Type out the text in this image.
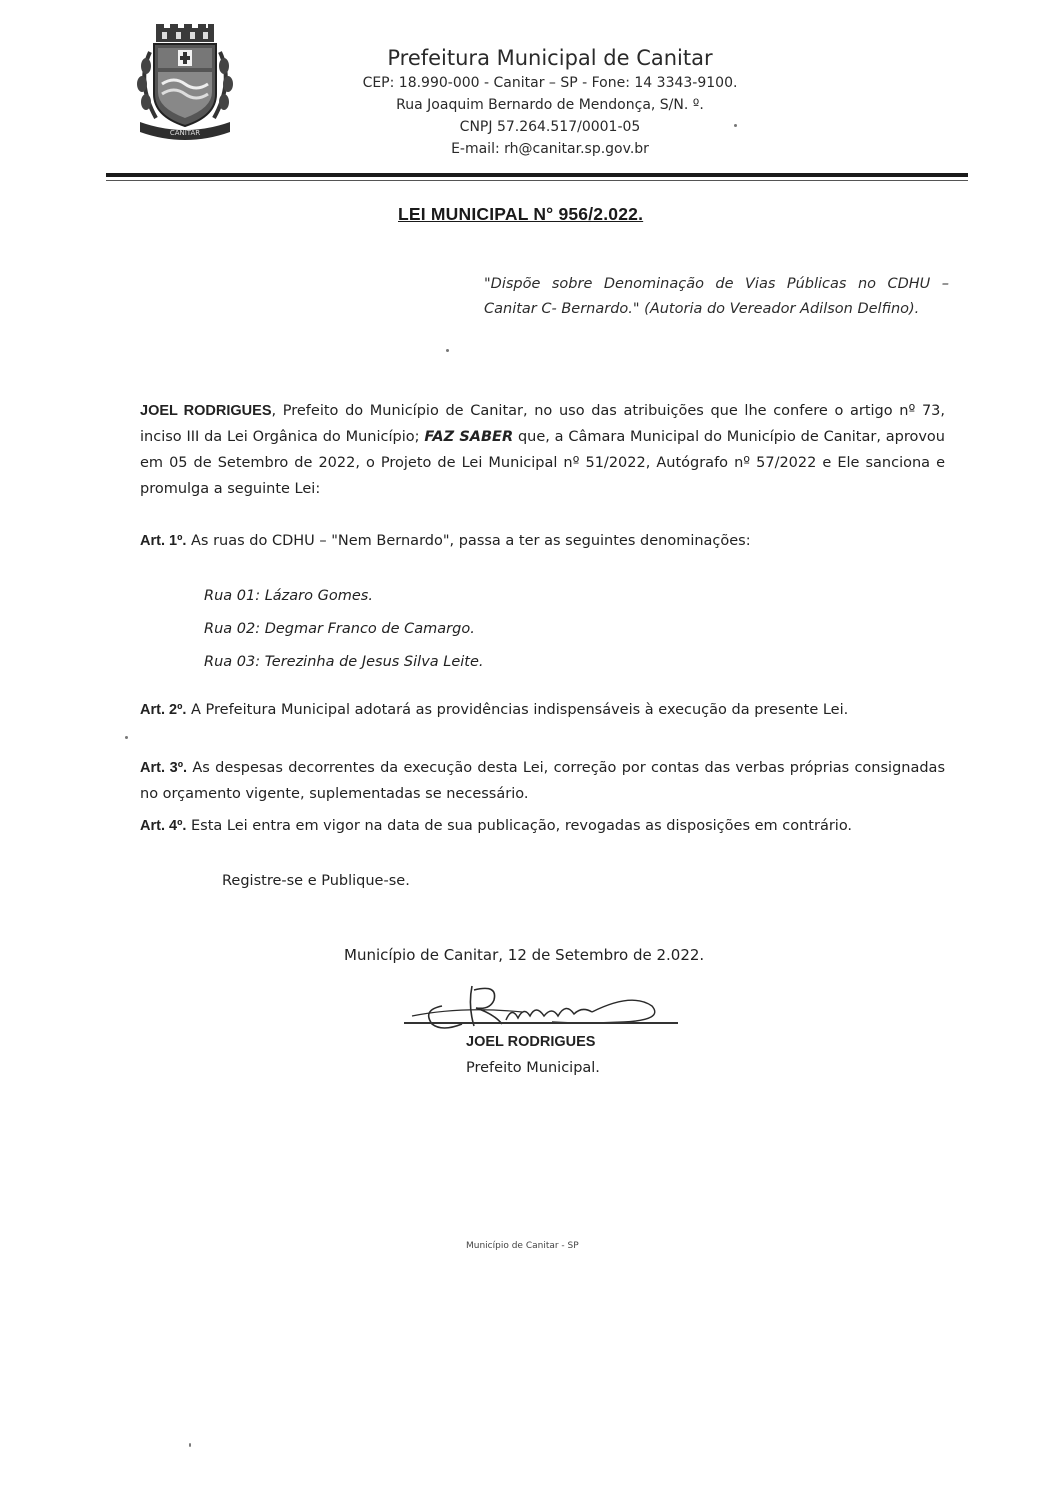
CANITAR
Prefeitura Municipal de Canitar
CEP: 18.990-000 - Canitar – SP - Fone: 14 3343-9100.
Rua Joaquim Bernardo de Mendonça, S/N. º.
CNPJ 57.264.517/0001-05
E-mail: rh@canitar.sp.gov.br
LEI MUNICIPAL N° 956/2.022.
"Dispõe sobre Denominação de Vias Públicas no CDHU – Canitar C- Bernardo." (Autoria do Vereador Adilson Delfino).
JOEL RODRIGUES, Prefeito do Município de Canitar, no uso das atribuições que lhe confere o artigo nº 73, inciso III da Lei Orgânica do Município; FAZ SABER que, a Câmara Municipal do Município de Canitar, aprovou em 05 de Setembro de 2022, o Projeto de Lei Municipal nº 51/2022, Autógrafo nº 57/2022 e Ele sanciona e promulga a seguinte Lei:
Art. 1º. As ruas do CDHU – "Nem Bernardo", passa a ter as seguintes denominações:
Rua 01: Lázaro Gomes.
Rua 02: Degmar Franco de Camargo.
Rua 03: Terezinha de Jesus Silva Leite.
Art. 2º. A Prefeitura Municipal adotará as providências indispensáveis à execução da presente Lei.
Art. 3º. As despesas decorrentes da execução desta Lei, correção por contas das verbas próprias consignadas no orçamento vigente, suplementadas se necessário.
Art. 4º. Esta Lei entra em vigor na data de sua publicação, revogadas as disposições em contrário.
Registre-se e Publique-se.
Município de Canitar, 12 de Setembro de 2.022.
Rodrigues
JOEL RODRIGUES
Prefeito Municipal.
Município de Canitar - SP
